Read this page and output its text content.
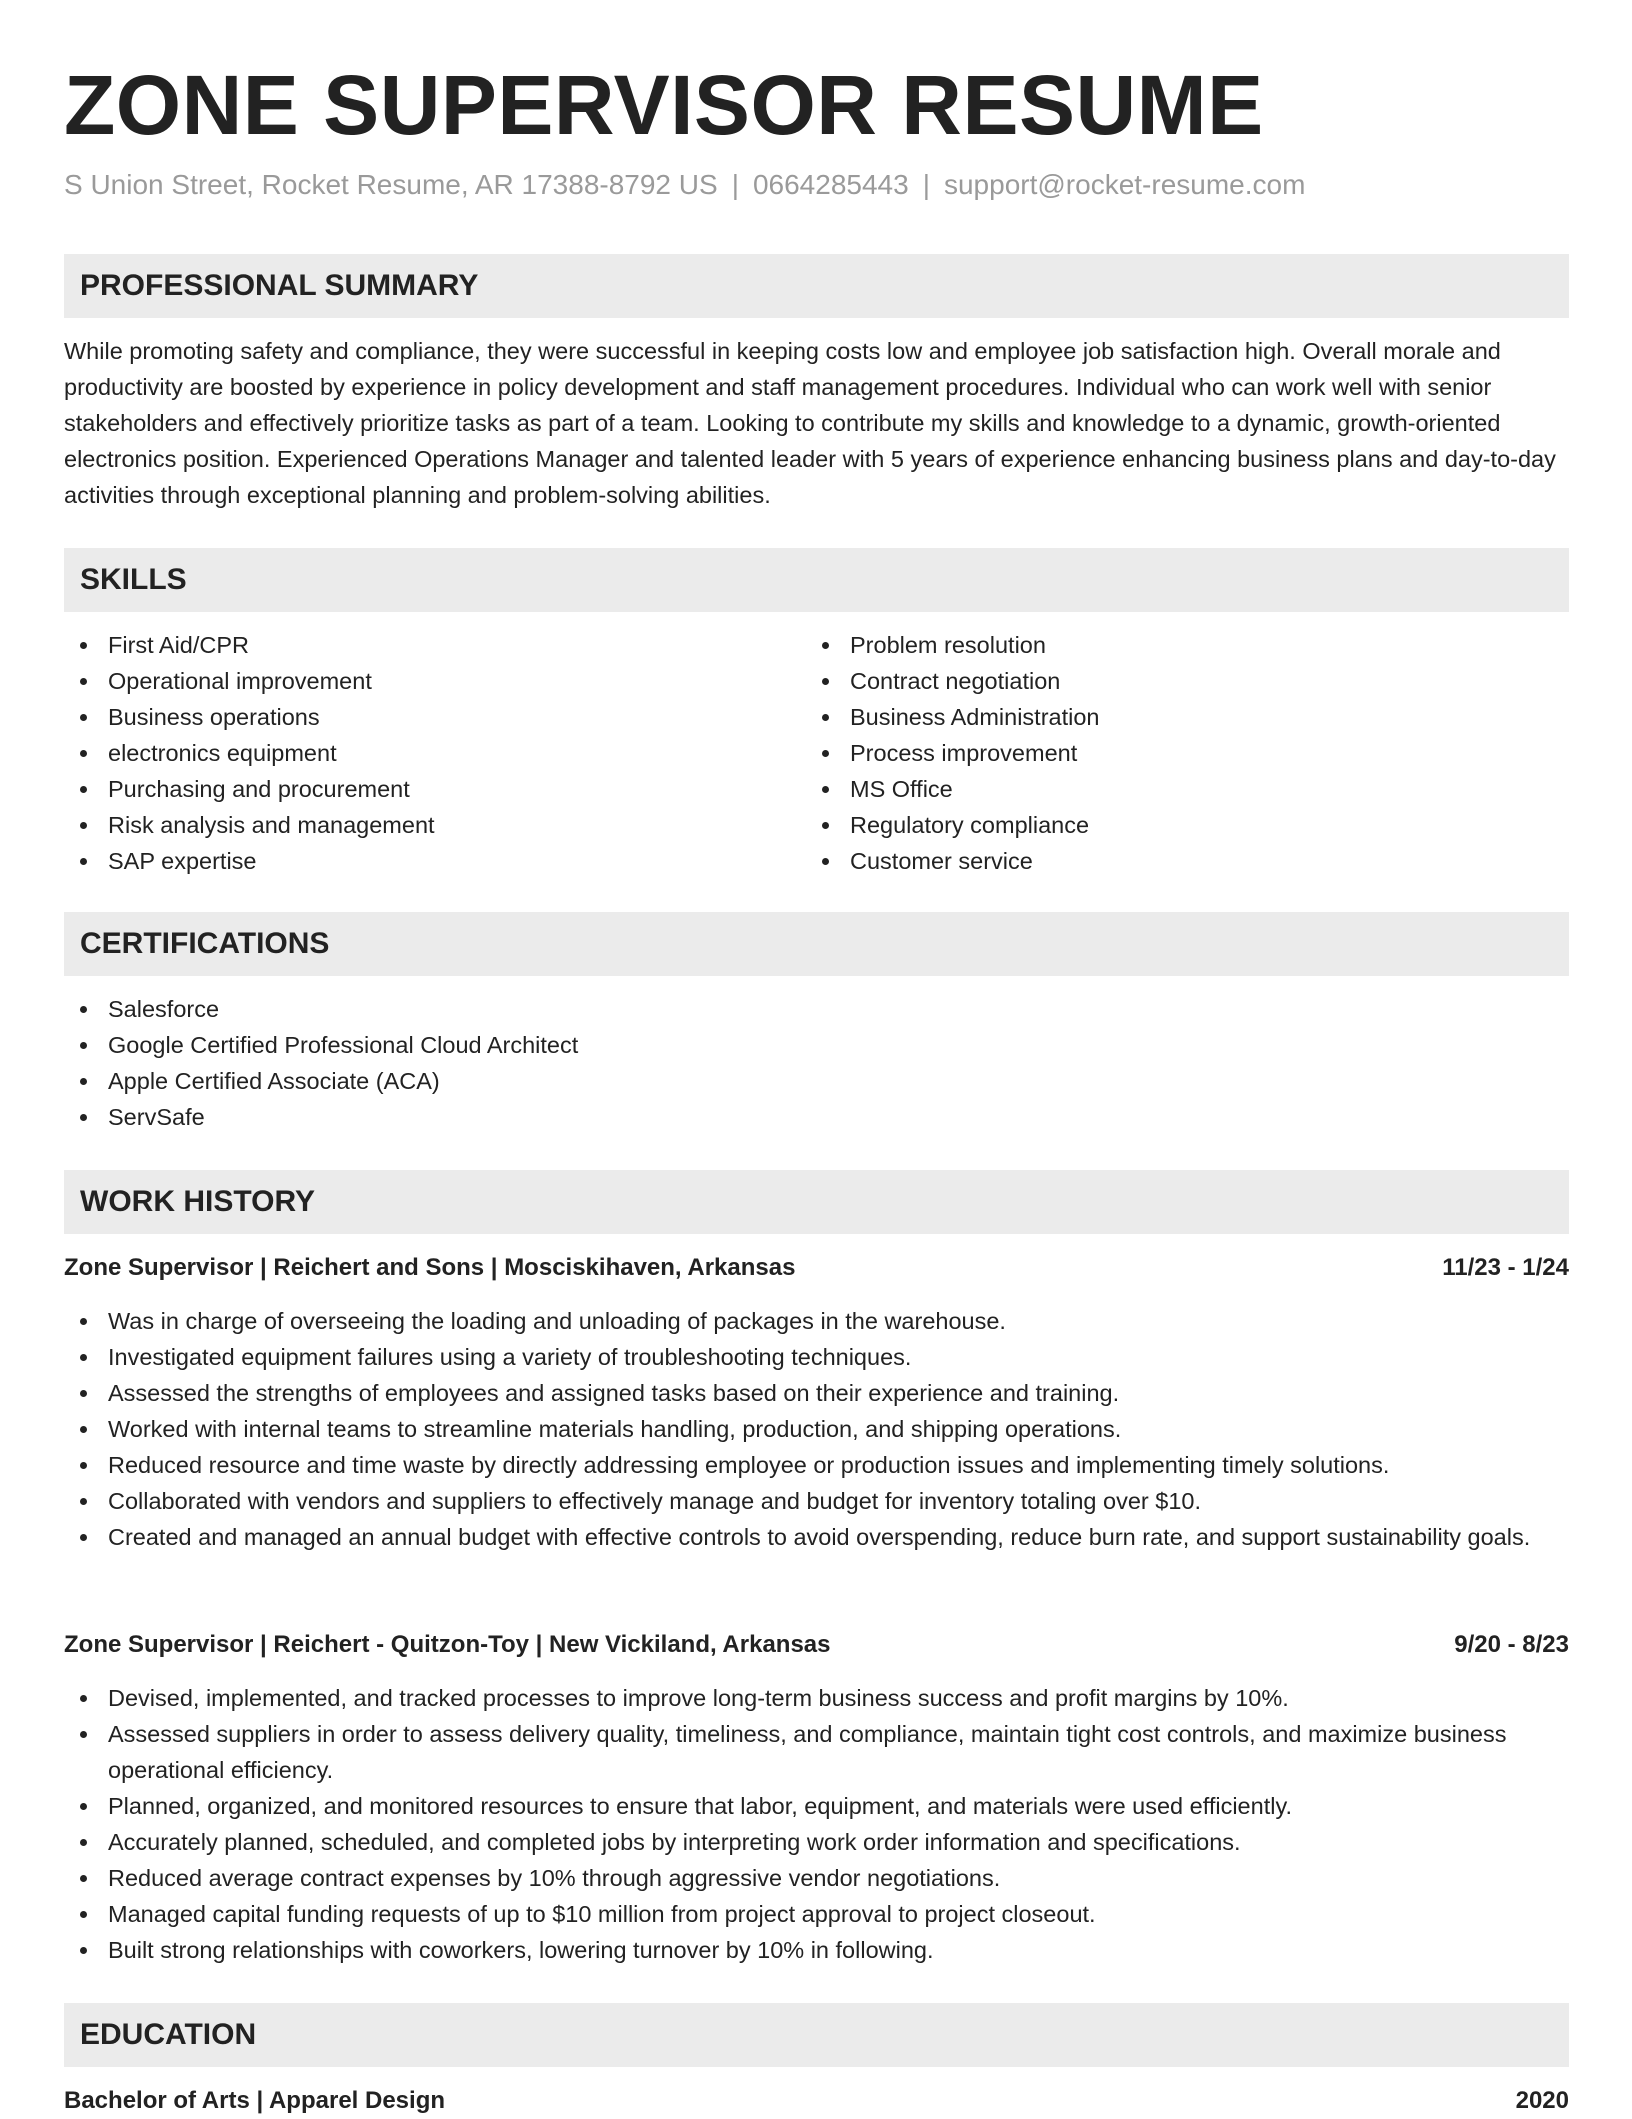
ZONE SUPERVISOR RESUME
S Union Street, Rocket Resume, AR 17388-8792 US | 0664285443 | support@rocket-resume.com
PROFESSIONAL SUMMARY

While promoting safety and compliance, they were successful in keeping costs low and employee job satisfaction high. Overall morale and productivity are boosted by experience in policy development and staff management procedures. Individual who can work well with senior stakeholders and effectively prioritize tasks as part of a team. Looking to contribute my skills and knowledge to a dynamic, growth-oriented electronics position. Experienced Operations Manager and talented leader with 5 years of experience enhancing business plans and day-to-day activities through exceptional planning and problem-solving abilities.

SKILLS
First Aid/CPR
Operational improvement
Business operations
electronics equipment
Purchasing and procurement
Risk analysis and management
SAP expertise
Problem resolution
Contract negotiation
Business Administration
Process improvement
MS Office
Regulatory compliance
Customer service
CERTIFICATIONS
Salesforce
Google Certified Professional Cloud Architect
Apple Certified Associate (ACA)
ServSafe
WORK HISTORY
Zone Supervisor | Reichert and Sons | Mosciskihaven, Arkansas	11/23 - 1/24
Was in charge of overseeing the loading and unloading of packages in the warehouse.
Investigated equipment failures using a variety of troubleshooting techniques.
Assessed the strengths of employees and assigned tasks based on their experience and training.
Worked with internal teams to streamline materials handling, production, and shipping operations.
Reduced resource and time waste by directly addressing employee or production issues and implementing timely solutions.
Collaborated with vendors and suppliers to effectively manage and budget for inventory totaling over $10.
Created and managed an annual budget with effective controls to avoid overspending, reduce burn rate, and support sustainability goals.
Zone Supervisor | Reichert - Quitzon-Toy | New Vickiland, Arkansas	9/20 - 8/23
Devised, implemented, and tracked processes to improve long-term business success and profit margins by 10%.
Assessed suppliers in order to assess delivery quality, timeliness, and compliance, maintain tight cost controls, and maximize business operational efficiency.
Planned, organized, and monitored resources to ensure that labor, equipment, and materials were used efficiently.
Accurately planned, scheduled, and completed jobs by interpreting work order information and specifications.
Reduced average contract expenses by 10% through aggressive vendor negotiations.
Managed capital funding requests of up to $10 million from project approval to project closeout.
Built strong relationships with coworkers, lowering turnover by 10% in following.
EDUCATION
Bachelor of Arts | Apparel Design	2020
